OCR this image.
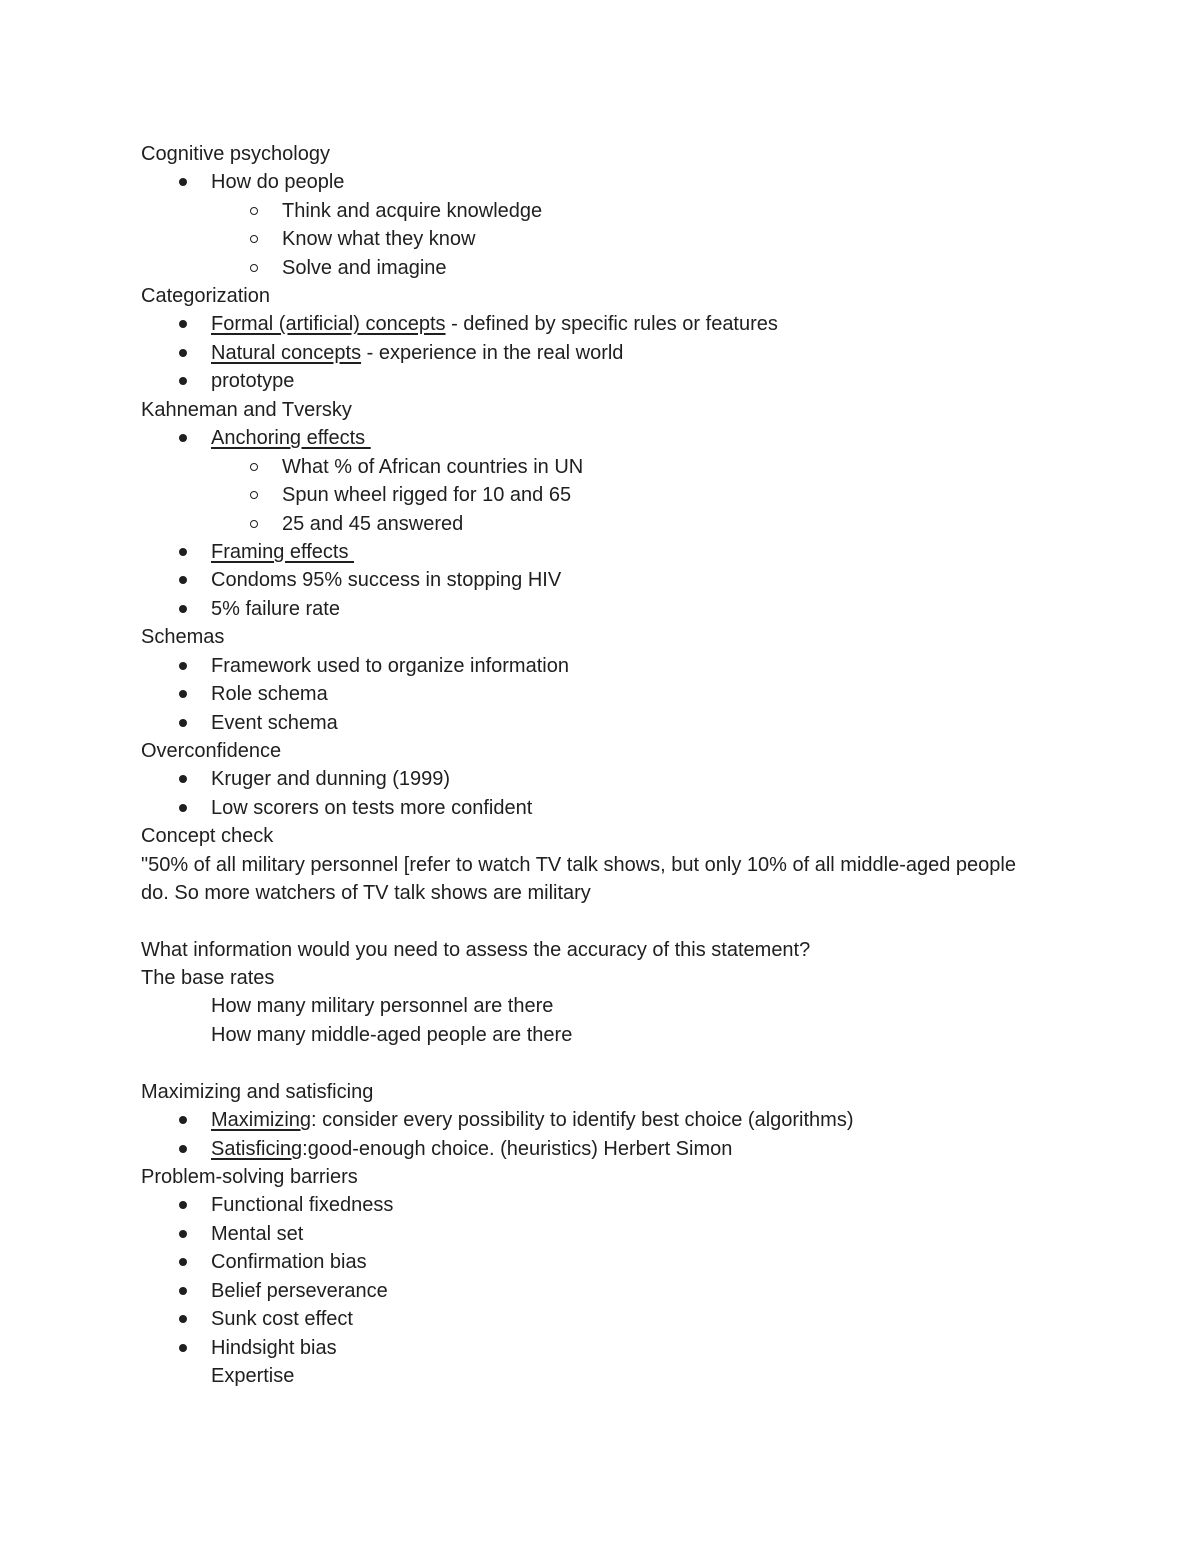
Cognitive psychology
How do people
Think and acquire knowledge
Know what they know
Solve and imagine
Categorization
Formal (artificial) concepts - defined by specific rules or features
Natural concepts - experience in the real world
prototype
Kahneman and Tversky
Anchoring effects
What % of African countries in UN
Spun wheel rigged for 10 and 65
25 and 45 answered
Framing effects
Condoms 95% success in stopping HIV
5% failure rate
Schemas
Framework used to organize information
Role schema
Event schema
Overconfidence
Kruger and dunning (1999)
Low scorers on tests more confident
Concept check
"50% of all military personnel [refer to watch TV talk shows, but only 10% of all middle-aged people do. So more watchers of TV talk shows are military
What information would you need to assess the accuracy of this statement?
The base rates
How many military personnel are there
How many middle-aged people are there
Maximizing and satisficing
Maximizing: consider every possibility to identify best choice (algorithms)
Satisficing:good-enough choice. (heuristics) Herbert Simon
Problem-solving barriers
Functional fixedness
Mental set
Confirmation bias
Belief perseverance
Sunk cost effect
Hindsight bias
Expertise
